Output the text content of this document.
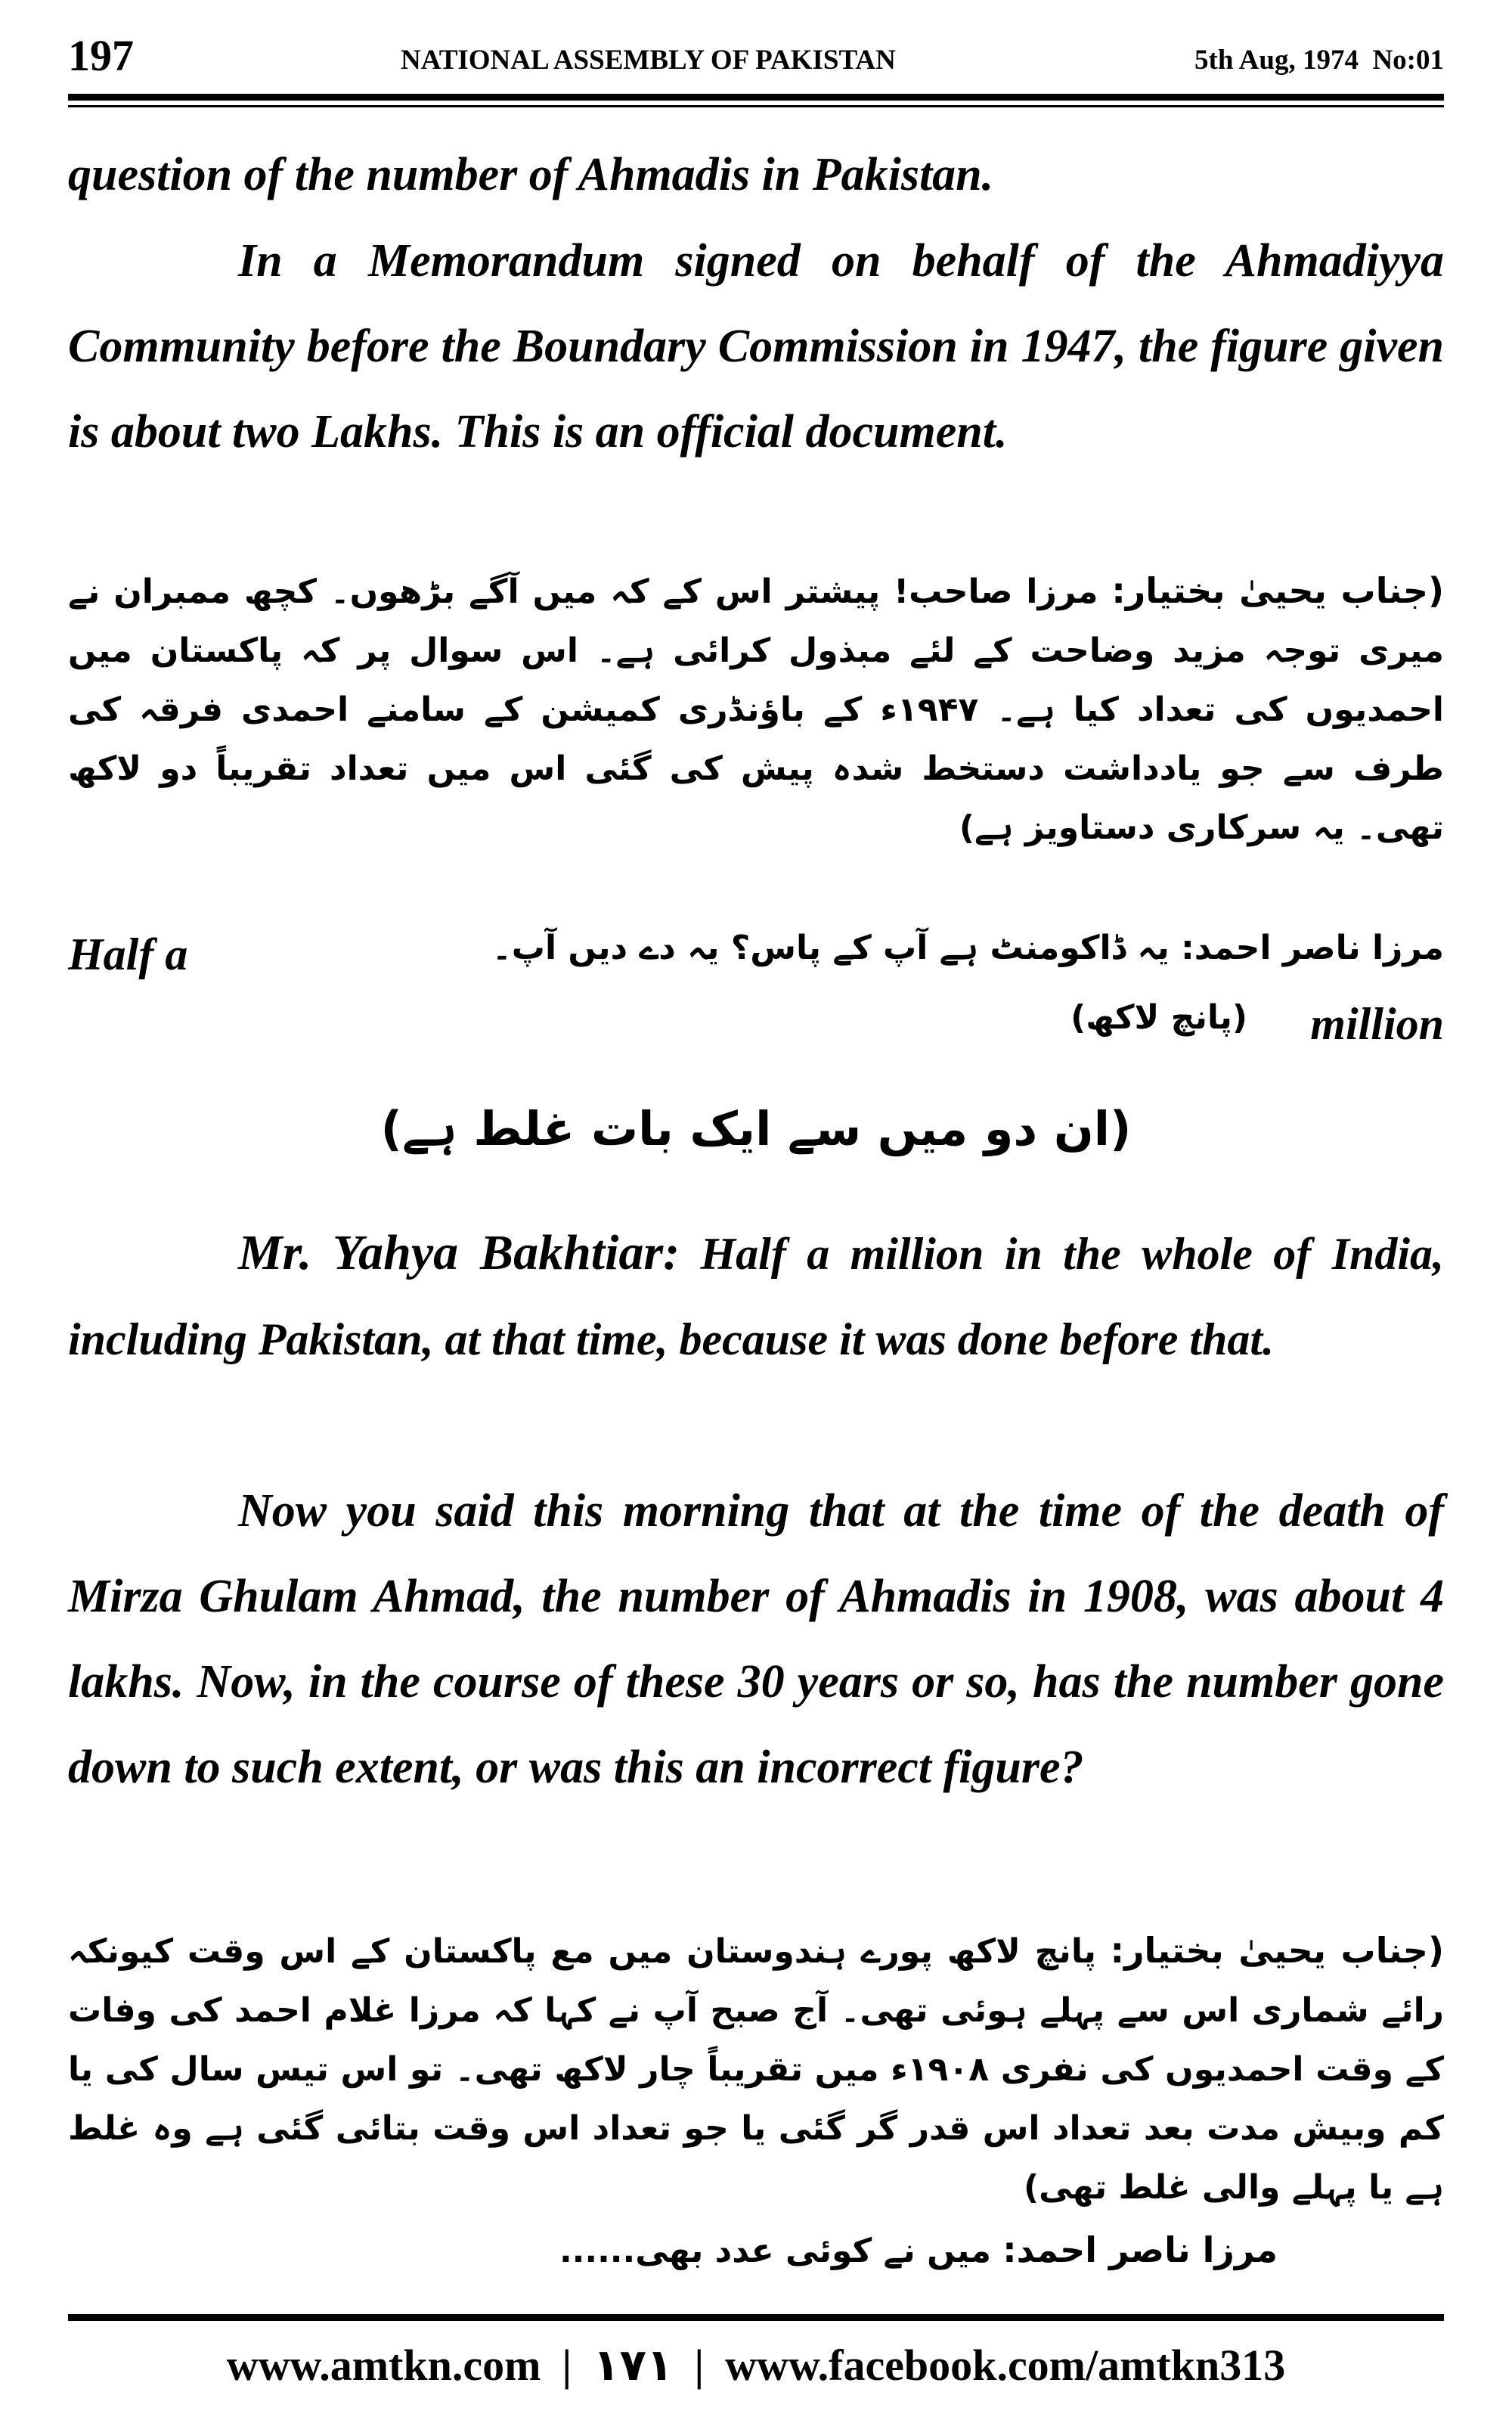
197	NATIONAL ASSEMBLY OF PAKISTAN	5th Aug, 1974 No:01

question of the number of Ahmadis in Pakistan.

In a Memorandum signed on behalf of the Ahmadiyya Community before the Boundary Commission in 1947, the figure given is about two Lakhs. This is an official document.

(جناب یحییٰ بختیار: مرزا صاحب! پیشتر اس کے کہ میں آگے بڑھوں۔ کچھ ممبران نے میری توجہ مزید وضاحت کے لئے مبذول کرائی ہے۔ اس سوال پر کہ پاکستان میں احمدیوں کی تعداد کیا ہے۔ ۱۹۴۷ء کے باؤنڈری کمیشن کے سامنے احمدی فرقہ کی طرف سے جو یادداشت دستخط شدہ پیش کی گئی اس میں تعداد تقریباً دو لاکھ تھی۔ یہ سرکاری دستاویز ہے)

Half a	مرزا ناصر احمد: یہ ڈاکومنٹ ہے آپ کے پاس؟ یہ دے دیں آپ۔
million
(پانچ لاکھ)

(ان دو میں سے ایک بات غلط ہے)

Mr. Yahya Bakhtiar: Half a million in the whole of India, including Pakistan, at that time, because it was done before that.

Now you said this morning that at the time of the death of Mirza Ghulam Ahmad, the number of Ahmadis in 1908, was about 4 lakhs. Now, in the course of these 30 years or so, has the number gone down to such extent, or was this an incorrect figure?

(جناب یحییٰ بختیار: پانچ لاکھ پورے ہندوستان میں مع پاکستان کے اس وقت کیونکہ رائے شماری اس سے پہلے ہوئی تھی۔ آج صبح آپ نے کہا کہ مرزا غلام احمد کی وفات کے وقت احمدیوں کی نفری ۱۹۰۸ء میں تقریباً چار لاکھ تھی۔ تو اس تیس سال کی یا کم وبیش مدت بعد تعداد اس قدر گر گئی یا جو تعداد اس وقت بتائی گئی ہے وہ غلط ہے یا پہلے والی غلط تھی)

مرزا ناصر احمد: میں نے کوئی عدد بھی......

www.amtkn.com | ۱۷۱ | www.facebook.com/amtkn313
